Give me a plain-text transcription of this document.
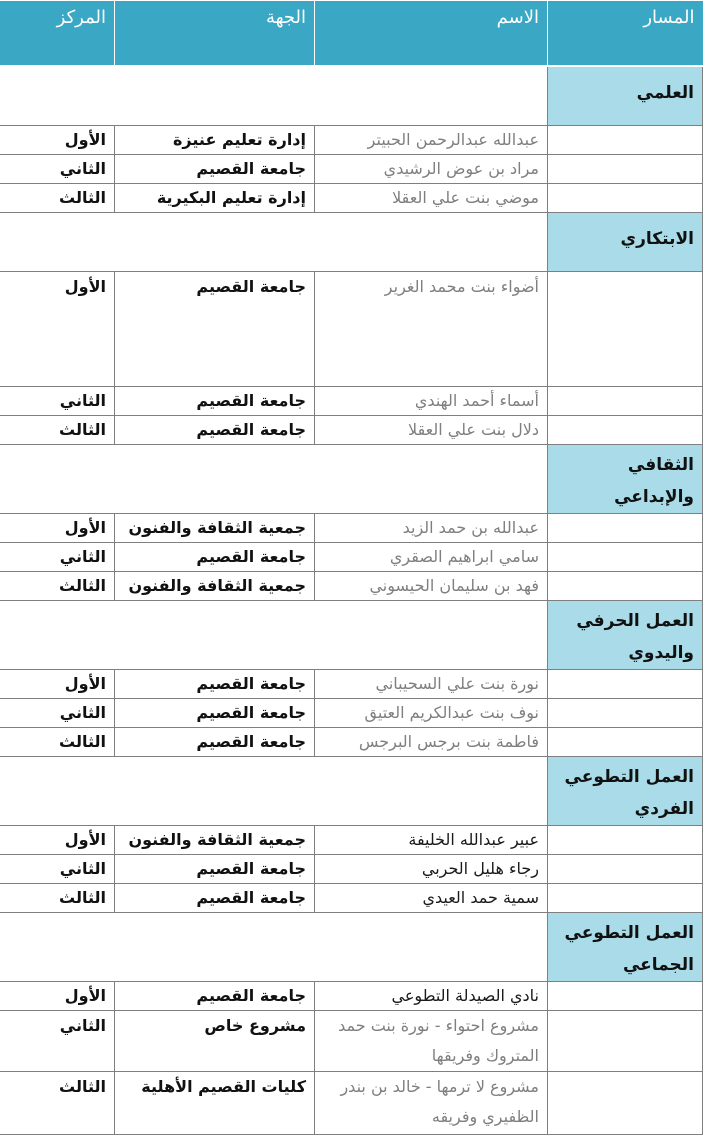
المسار	الاسم	الجهة	المركز
العلمي			
	عبدالله عبدالرحمن الحبيتر	إدارة تعليم عنيزة	الأول
	مراد بن عوض الرشيدي	جامعة القصيم	الثاني
	موضي بنت علي العقلا	إدارة تعليم البكيرية	الثالث
الابتكاري			
	أضواء بنت محمد الغرير	جامعة القصيم	الأول
	أسماء أحمد الهندي	جامعة القصيم	الثاني
	دلال بنت علي العقلا	جامعة القصيم	الثالث
الثقافي والإبداعي			
	عبدالله بن حمد الزيد	جمعية الثقافة والفنون	الأول
	سامي ابراهيم الصقري	جامعة القصيم	الثاني
	فهد بن سليمان الحيسوني	جمعية الثقافة والفنون	الثالث
العمل الحرفي واليدوي			
	نورة بنت علي السحيباني	جامعة القصيم	الأول
	نوف بنت عبدالكريم العتيق	جامعة القصيم	الثاني
	فاطمة بنت برجس البرجس	جامعة القصيم	الثالث
العمل التطوعي الفردي			
	عبير عبدالله الخليفة	جمعية الثقافة والفنون	الأول
	رجاء هليل الحربي	جامعة القصيم	الثاني
	سمية حمد العيدي	جامعة القصيم	الثالث
العمل التطوعي الجماعي			
	نادي الصيدلة التطوعي	جامعة القصيم	الأول
	مشروع احتواء - نورة بنت حمد المتروك وفريقها	مشروع خاص	الثاني
	مشروع لا ترمها - خالد بن بندر الظفيري وفريقه	كليات القصيم الأهلية	الثالث
